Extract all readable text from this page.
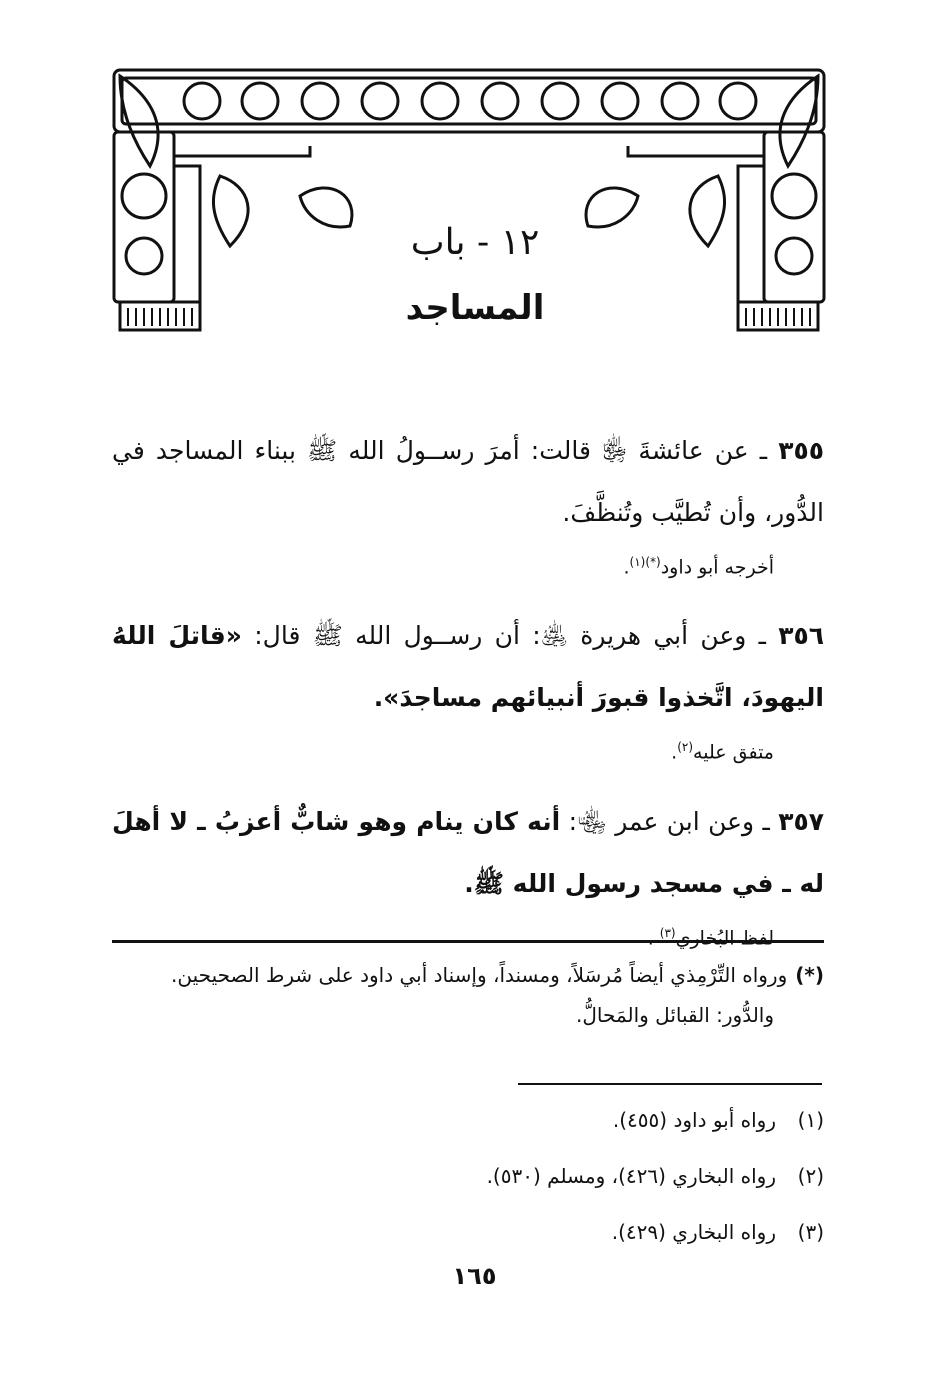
١٢ - باب
المساجد

٣٥٥ ـ عن عائشةَ ﵂ قالت: أمرَ رســولُ الله ﷺ ببناء المساجد في الدُّور، وأن تُطيَّب وتُنظَّفَ.

أخرجه أبو داود$^{(*)(١)}$.

٣٥٦ ـ وعن أبي هريرة ﵁: أن رســول الله ﷺ قال: «قاتلَ اللهُ اليهودَ، اتَّخذوا قبورَ أنبيائهم مساجدَ».

متفق عليه$^{(٢)}$.

٣٥٧ ـ وعن ابن عمر ﵄: أنه كان ينام وهو شابٌّ أعزبُ ـ لا أهلَ له ـ في مسجد رسول الله ﷺ.

لفظ البُخاري$^{(٣)}$ .
(*)ورواه التِّرْمِذي أيضاً مُرسَلاً، ومسنداً، وإسناد أبي داود على شرط الصحيحين.
والدُّور: القبائل والمَحالُّ.
(١)رواه أبو داود (٤٥٥).
(٢)رواه البخاري (٤٢٦)، ومسلم (٥٣٠).
(٣)رواه البخاري (٤٢٩).
١٦٥
